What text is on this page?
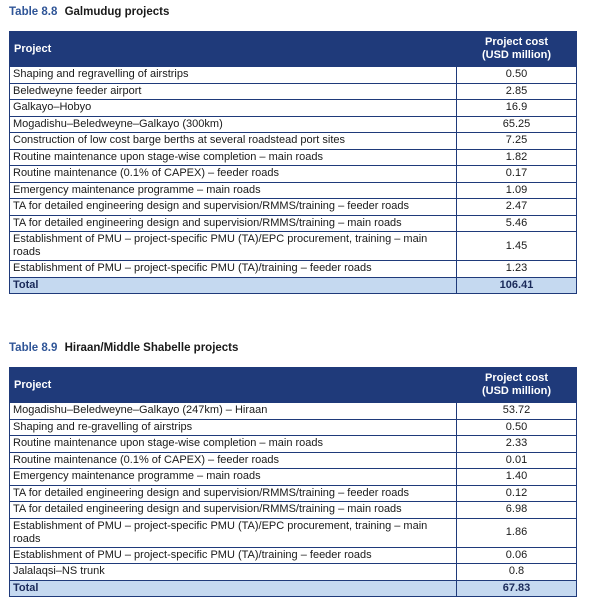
Table 8.8 Galmudug projects
Project	Project cost
(USD million)
Shaping and regravelling of airstrips	0.50
Beledweyne feeder airport	2.85
Galkayo–Hobyo	16.9
Mogadishu–Beledweyne–Galkayo (300km)	65.25
Construction of low cost barge berths at several roadstead port sites	7.25
Routine maintenance upon stage-wise completion – main roads	1.82
Routine maintenance (0.1% of CAPEX) – feeder roads	0.17
Emergency maintenance programme – main roads	1.09
TA for detailed engineering design and supervision/RMMS/training – feeder roads	2.47
TA for detailed engineering design and supervision/RMMS/training – main roads	5.46
Establishment of PMU – project-specific PMU (TA)/EPC procurement, training – main roads	1.45
Establishment of PMU – project-specific PMU (TA)/training – feeder roads	1.23
Total	106.41
Table 8.9 Hiraan/Middle Shabelle projects
Project	Project cost
(USD million)
Mogadishu–Beledweyne–Galkayo (247km) – Hiraan	53.72
Shaping and re-gravelling of airstrips	0.50
Routine maintenance upon stage-wise completion – main roads	2.33
Routine maintenance (0.1% of CAPEX) – feeder roads	0.01
Emergency maintenance programme – main roads	1.40
TA for detailed engineering design and supervision/RMMS/training – feeder roads	0.12
TA for detailed engineering design and supervision/RMMS/training – main roads	6.98
Establishment of PMU – project-specific PMU (TA)/EPC procurement, training – main roads	1.86
Establishment of PMU – project-specific PMU (TA)/training – feeder roads	0.06
Jalalaqsi–NS trunk	0.8
Total	67.83
